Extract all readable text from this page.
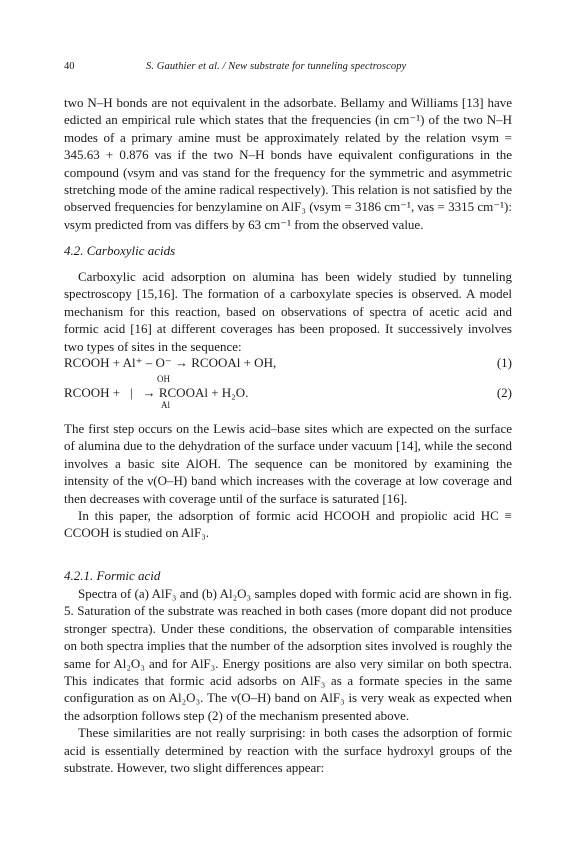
40	S. Gauthier et al. / New substrate for tunneling spectroscopy

two N–H bonds are not equivalent in the adsorbate. Bellamy and Williams [13] have edicted an empirical rule which states that the frequencies (in cm⁻¹) of the two N–H modes of a primary amine must be approximately related by the relation νsym = 345.63 + 0.876 νas if the two N–H bonds have equivalent configurations in the compound (νsym and νas stand for the frequency for the symmetric and asymmetric stretching mode of the amine radical respectively). This relation is not satisfied by the observed frequencies for benzylamine on AlF₃ (νsym = 3186 cm⁻¹, νas = 3315 cm⁻¹): νsym predicted from νas differs by 63 cm⁻¹ from the observed value.

4.2. Carboxylic acids

Carboxylic acid adsorption on alumina has been widely studied by tunneling spectroscopy [15,16]. The formation of a carboxylate species is observed. A model mechanism for this reaction, based on observations of spectra of acetic acid and formic acid [16] at different coverages has been proposed. It successively involves two types of sites in the sequence:

RCOOH + Al⁺ – O⁻ → RCOOAl + OH,	(1)
RCOOH + | → RCOOAl + H₂O.
OH
Al
(2)

The first step occurs on the Lewis acid–base sites which are expected on the surface of alumina due to the dehydration of the surface under vacuum [14], while the second involves a basic site AlOH. The sequence can be monitored by examining the intensity of the ν(O–H) band which increases with the coverage at low coverage and then decreases with coverage until of the surface is saturated [16].

In this paper, the adsorption of formic acid HCOOH and propiolic acid HC ≡ CCOOH is studied on AlF₃.

4.2.1. Formic acid

Spectra of (a) AlF₃ and (b) Al₂O₃ samples doped with formic acid are shown in fig. 5. Saturation of the substrate was reached in both cases (more dopant did not produce stronger spectra). Under these conditions, the observation of comparable intensities on both spectra implies that the number of the adsorption sites involved is roughly the same for Al₂O₃ and for AlF₃. Energy positions are also very similar on both spectra. This indicates that formic acid adsorbs on AlF₃ as a formate species in the same configuration as on Al₂O₃. The ν(O–H) band on AlF₃ is very weak as expected when the adsorption follows step (2) of the mechanism presented above.

These similarities are not really surprising: in both cases the adsorption of formic acid is essentially determined by reaction with the surface hydroxyl groups of the substrate. However, two slight differences appear:
